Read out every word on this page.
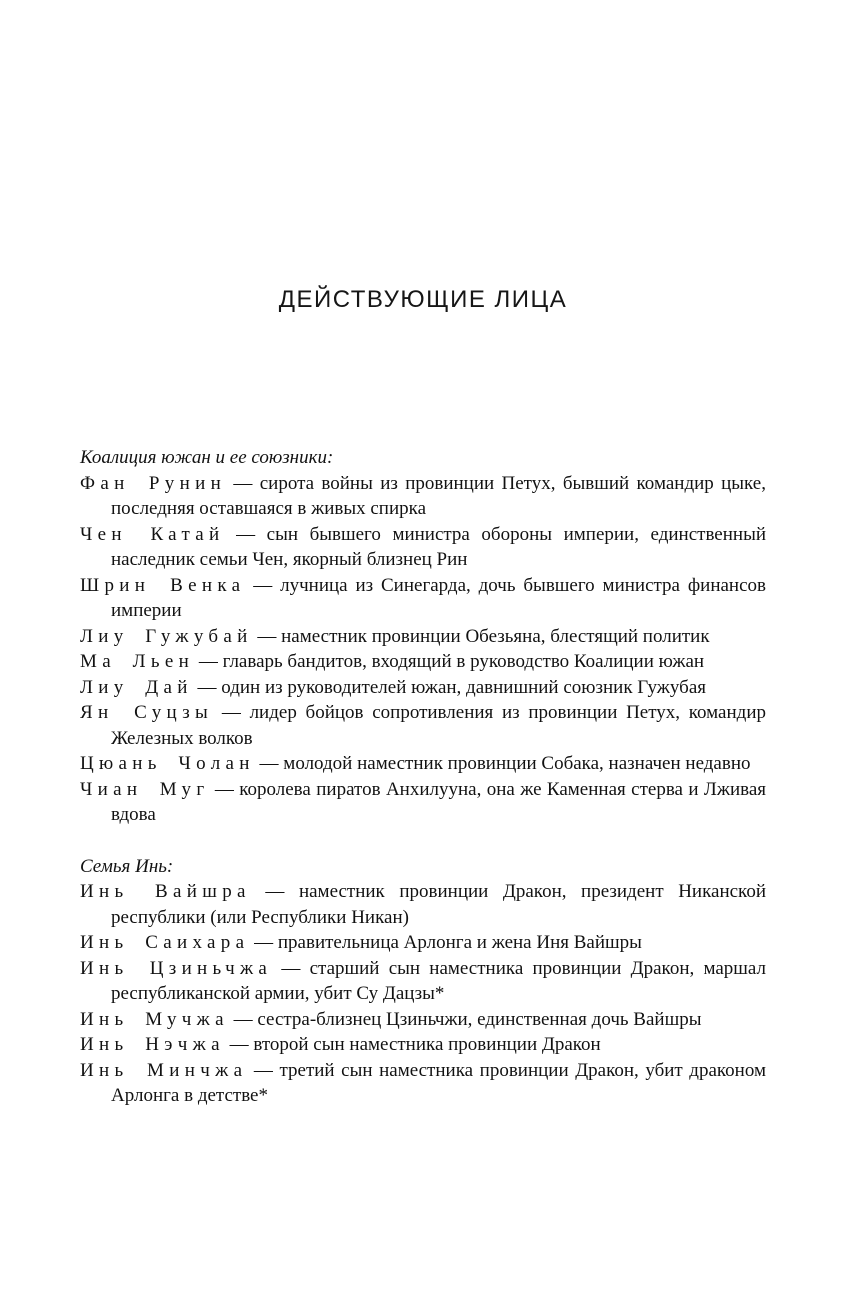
ДЕЙСТВУЮЩИЕ ЛИЦА

Коалиция южан и ее союзники:

Фан Рунин — сирота войны из провинции Петух, бывший командир цыке, последняя оставшаяся в живых спирка

Чен Катай — сын бывшего министра обороны империи, единственный наследник семьи Чен, якорный близнец Рин

Шрин Венка — лучница из Синегарда, дочь бывшего министра финансов империи

Лиу Гужубай — наместник провинции Обезьяна, блестящий политик

Ма Льен — главарь бандитов, входящий в руководство Коалиции южан

Лиу Дай — один из руководителей южан, давнишний союзник Гужубая

Ян Суцзы — лидер бойцов сопротивления из провинции Петух, командир Железных волков

Цюань Чолан — молодой наместник провинции Собака, назначен недавно

Чиан Муг — королева пиратов Анхилууна, она же Каменная стерва и Лживая вдова

Семья Инь:

Инь Вайшра — наместник провинции Дракон, президент Никанской республики (или Республики Никан)

Инь Саихара — правительница Арлонга и жена Иня Вайшры

Инь Цзиньчжа — старший сын наместника провинции Дракон, маршал республиканской армии, убит Су Дацзы*

Инь Мучжа — сестра-близнец Цзиньчжи, единственная дочь Вайшры

Инь Нэчжа — второй сын наместника провинции Дракон

Инь Минчжа — третий сын наместника провинции Дракон, убит драконом Арлонга в детстве*
